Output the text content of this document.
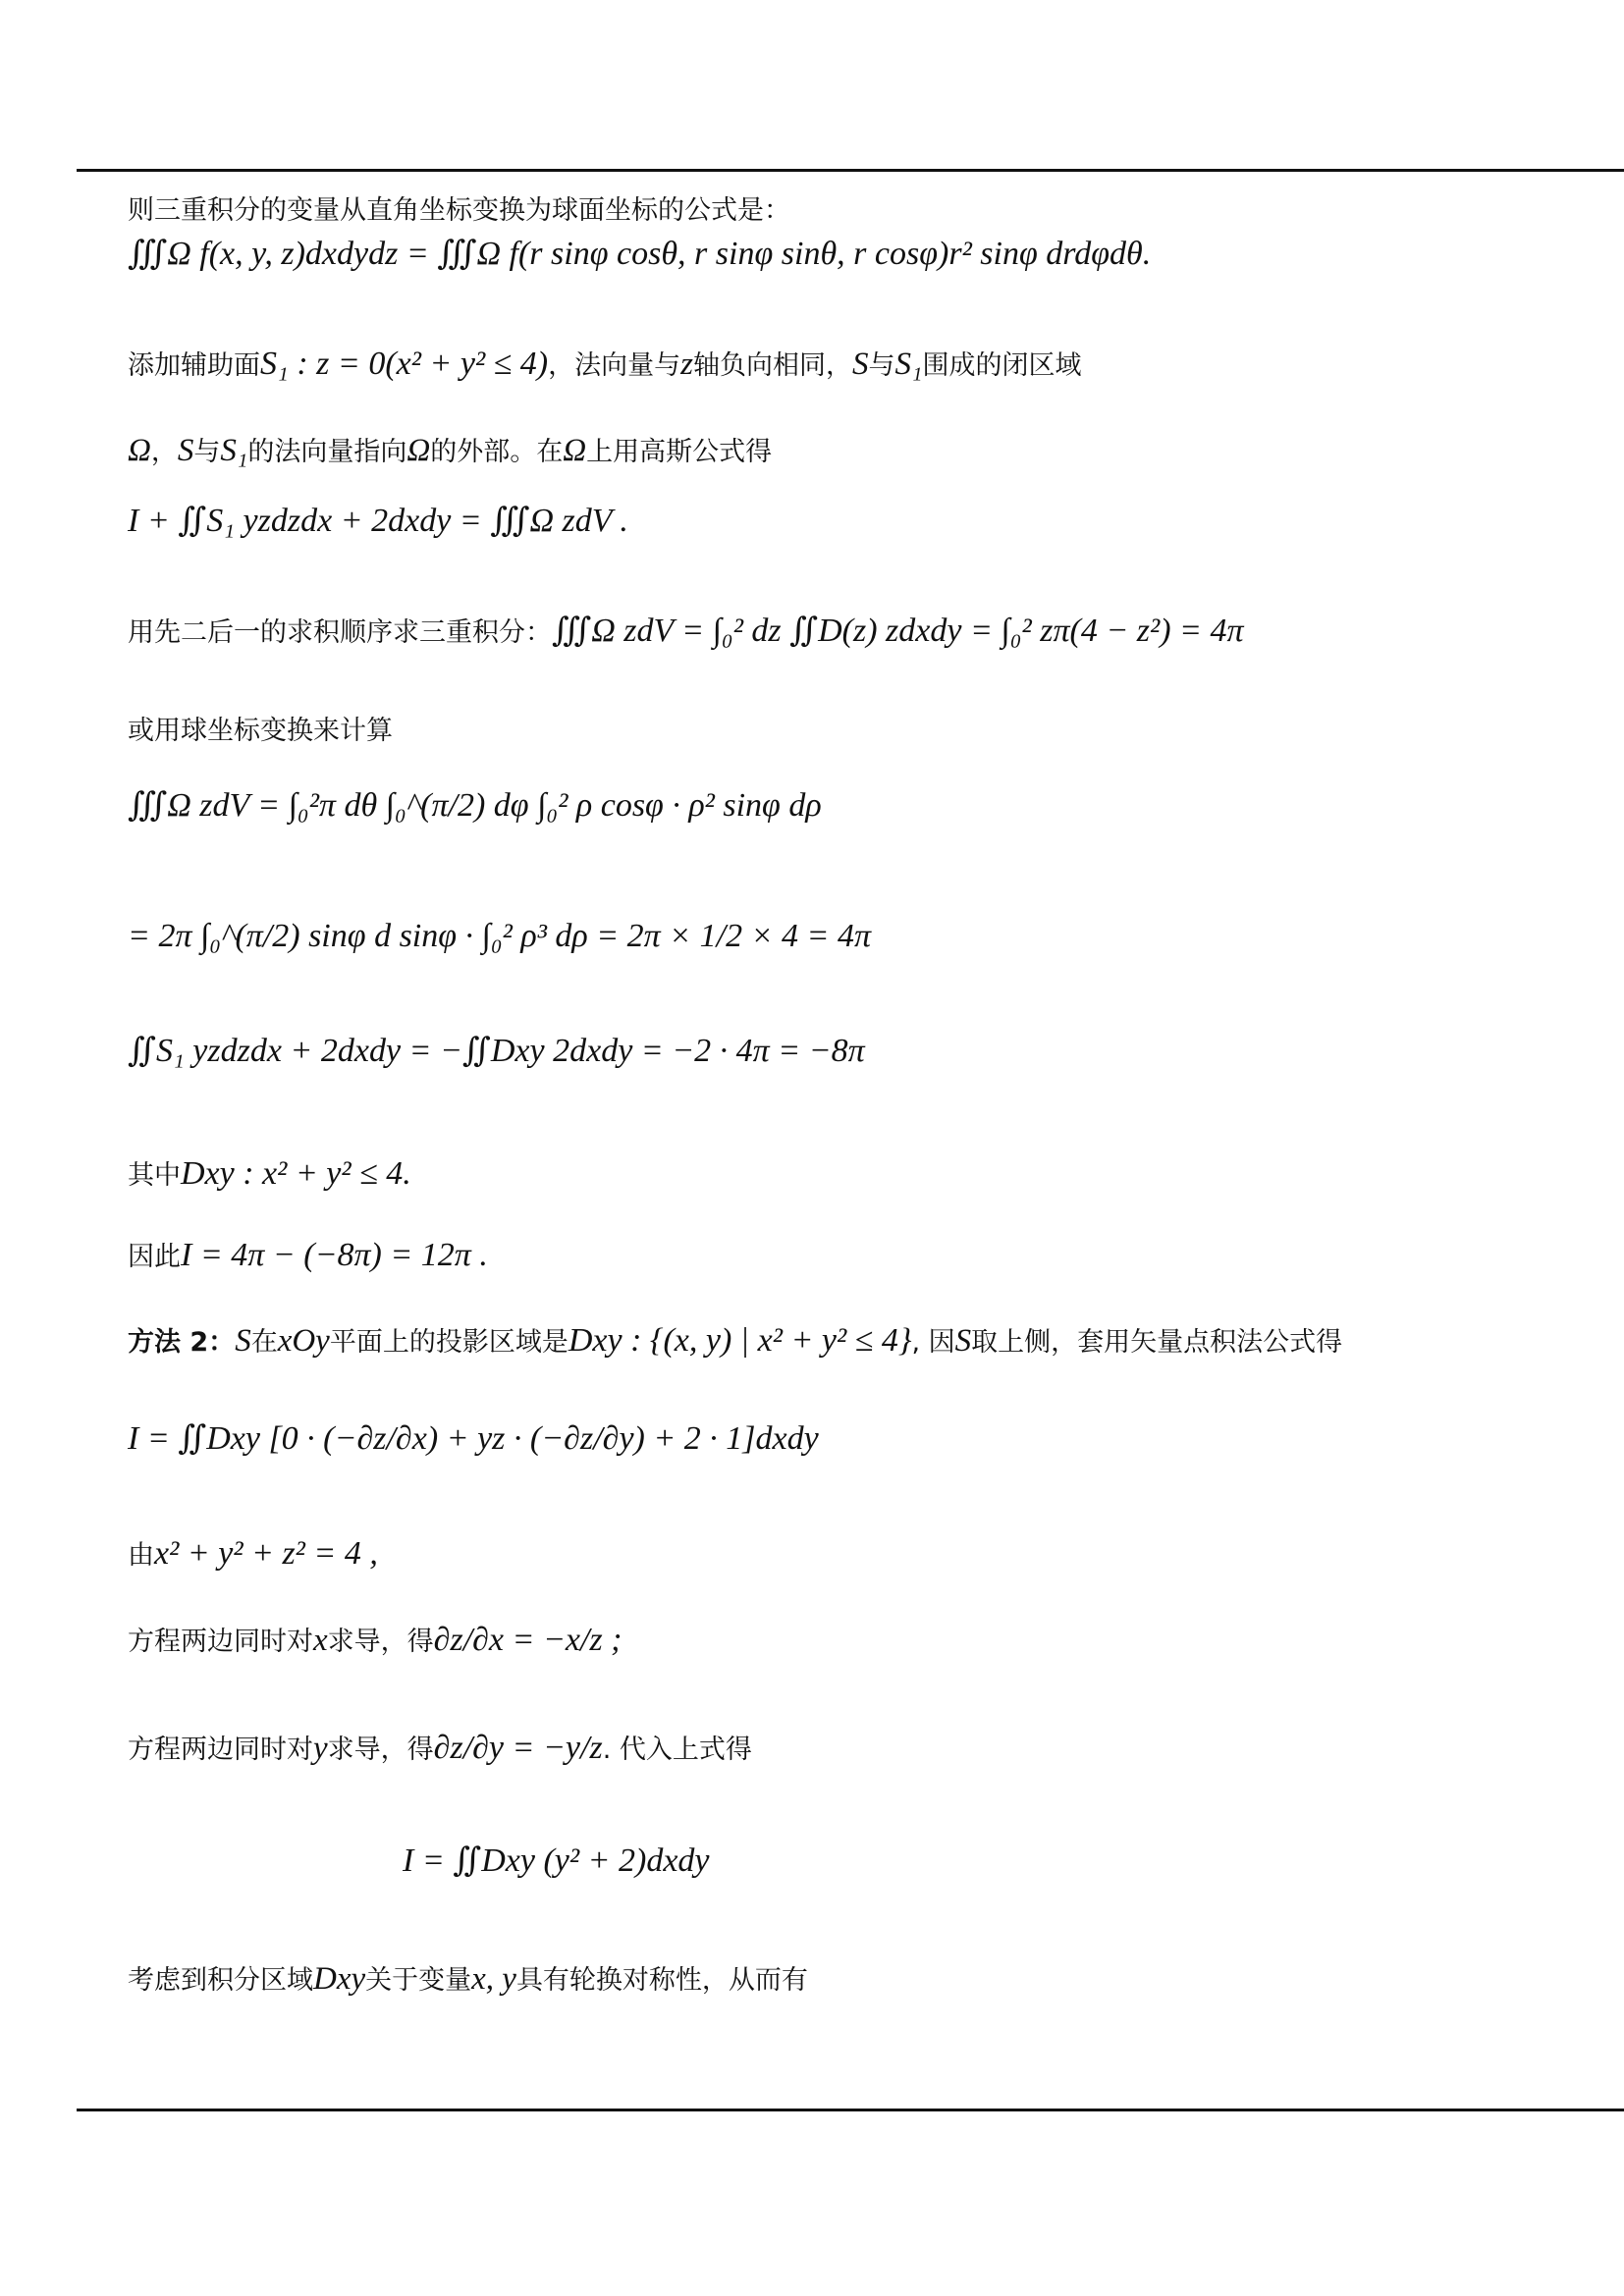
则三重积分的变量从直角坐标变换为球面坐标的公式是：
∭Ω f(x, y, z)dxdydz = ∭Ω f(r sinφ cosθ, r sinφ sinθ, r cosφ)r² sinφ drdφdθ.
添加辅助面S₁ : z = 0(x² + y² ≤ 4)，法向量与z轴负向相同，S与S₁围成的闭区域
Ω，S与S₁的法向量指向Ω的外部。在Ω上用高斯公式得
I + ∬S₁ yzdzdx + 2dxdy = ∭Ω zdV .
用先二后一的求积顺序求三重积分：∭Ω zdV = ∫₀² dz ∬D(z) zdxdy = ∫₀² zπ(4 − z²) = 4π
或用球坐标变换来计算
∭Ω zdV = ∫₀²π dθ ∫₀^(π/2) dφ ∫₀² ρ cosφ · ρ² sinφ dρ
= 2π ∫₀^(π/2) sinφ d sinφ · ∫₀² ρ³ dρ = 2π × 1/2 × 4 = 4π
∬S₁ yzdzdx + 2dxdy = −∬Dxy 2dxdy = −2 · 4π = −8π
其中Dxy : x² + y² ≤ 4.
因此I = 4π − (−8π) = 12π .
方法 2：S在xOy平面上的投影区域是Dxy : {(x, y) | x² + y² ≤ 4}, 因S取上侧，套用矢量点积法公式得
I = ∬Dxy [0 · (−∂z/∂x) + yz · (−∂z/∂y) + 2 · 1]dxdy
由x² + y² + z² = 4 ,
方程两边同时对x求导，得∂z/∂x = −x/z ;
方程两边同时对y求导，得∂z/∂y = −y/z. 代入上式得
I = ∬Dxy (y² + 2)dxdy
考虑到积分区域Dxy关于变量x, y具有轮换对称性，从而有
